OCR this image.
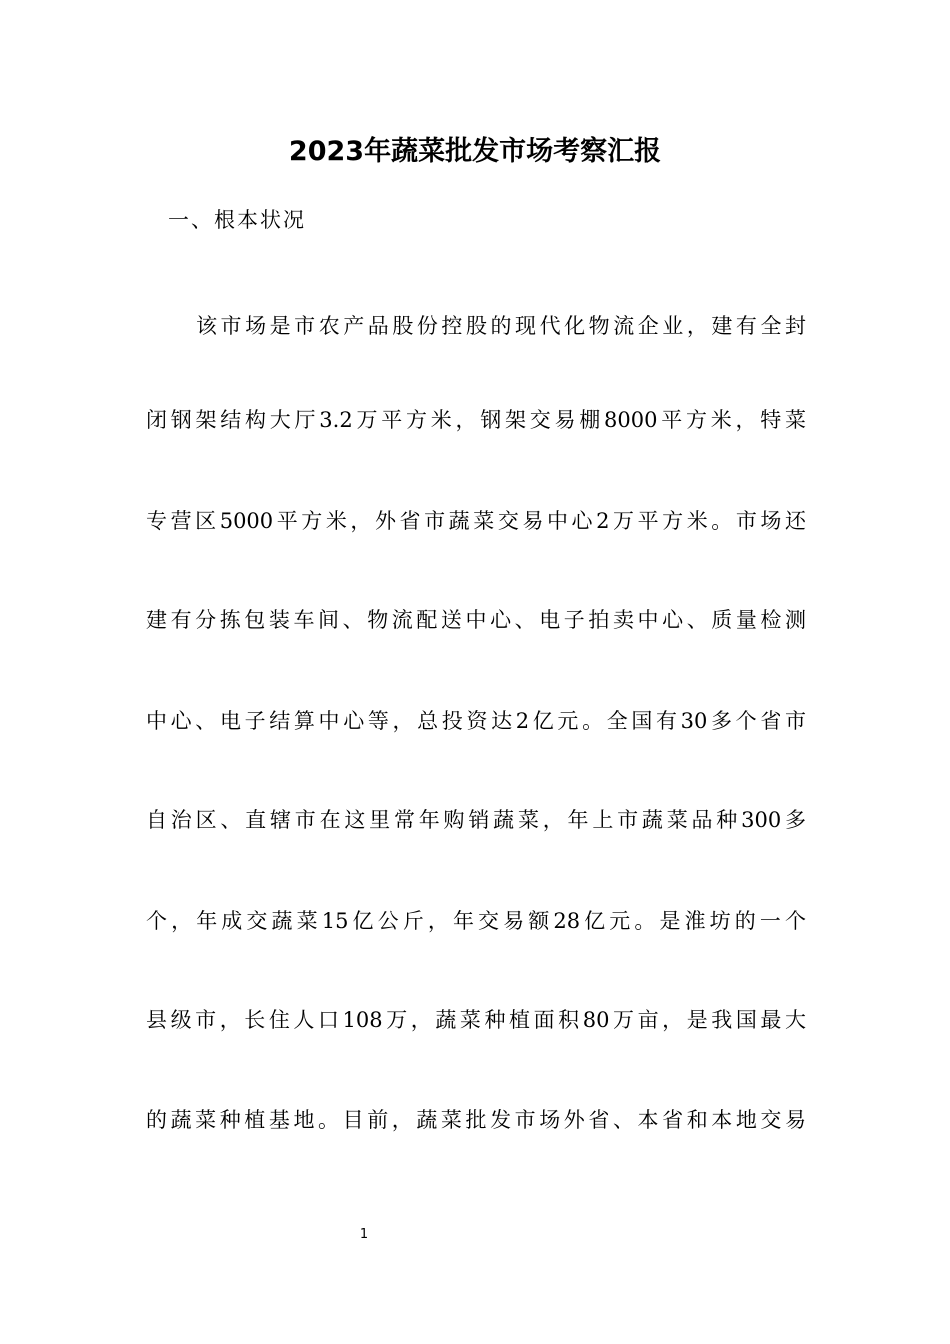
2023年蔬菜批发市场考察汇报
一、根本状况

该市场是市农产品股份控股的现代化物流企业，建有全封

闭钢架结构大厅3.2万平方米，钢架交易棚8000平方米，特菜

专营区5000平方米，外省市蔬菜交易中心2万平方米。市场还

建有分拣包装车间、物流配送中心、电子拍卖中心、质量检测

中心、电子结算中心等，总投资达2亿元。全国有30多个省市

自治区、直辖市在这里常年购销蔬菜，年上市蔬菜品种300多

个，年成交蔬菜15亿公斤，年交易额28亿元。是淮坊的一个

县级市，长住人口108万，蔬菜种植面积80万亩，是我国最大

的蔬菜种植基地。目前，蔬菜批发市场外省、本省和本地交易

1
